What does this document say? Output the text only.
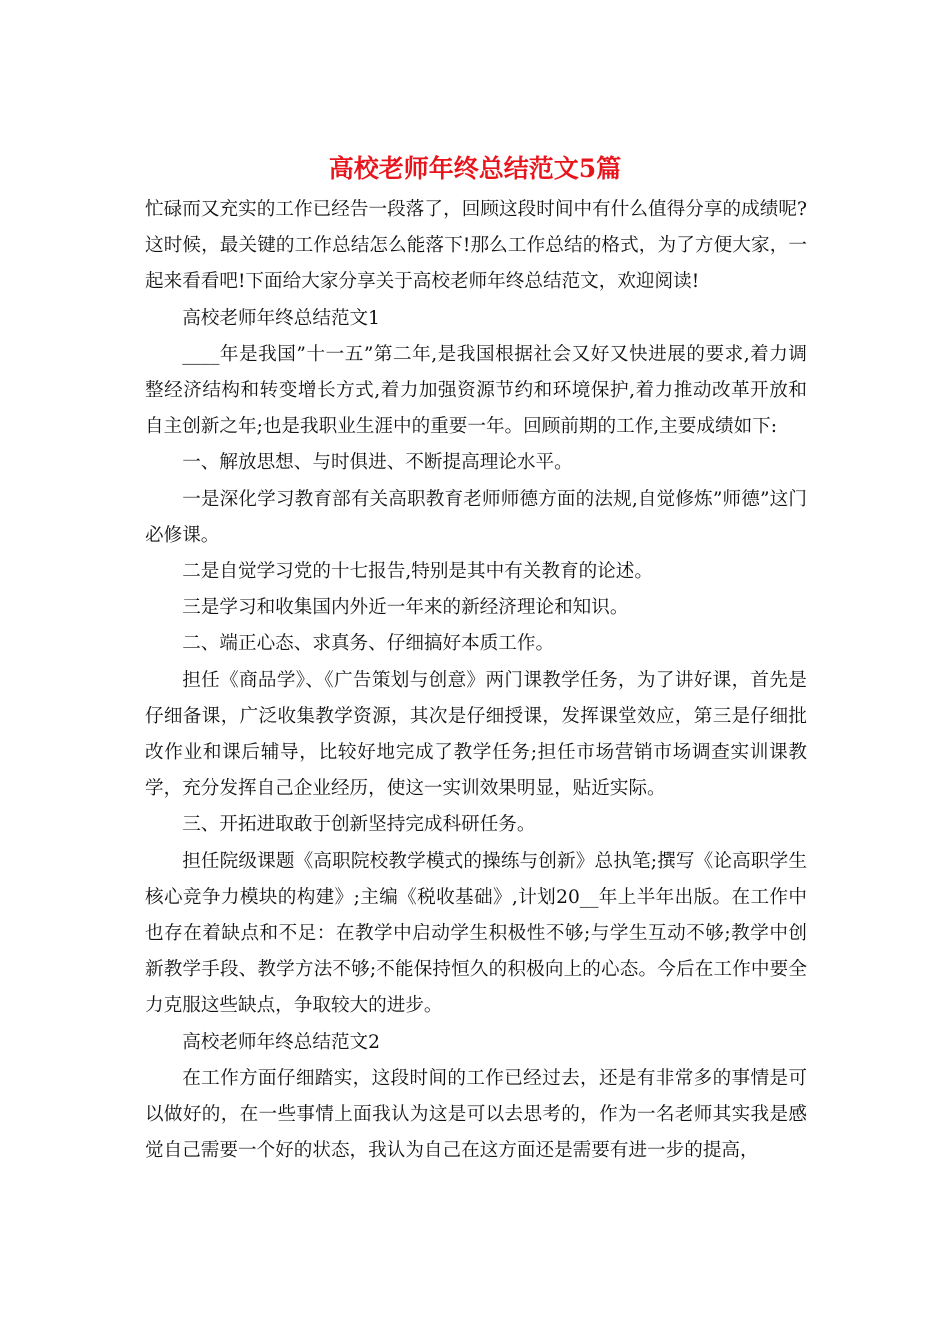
高校老师年终总结范文5篇

忙碌而又充实的工作已经告一段落了，回顾这段时间中有什么值得分享的成绩呢?这时候，最关键的工作总结怎么能落下!那么工作总结的格式，为了方便大家，一起来看看吧!下面给大家分享关于高校老师年终总结范文，欢迎阅读!

高校老师年终总结范文1

____年是我国”十一五”第二年,是我国根据社会又好又快进展的要求,着力调整经济结构和转变增长方式,着力加强资源节约和环境保护,着力推动改革开放和自主创新之年;也是我职业生涯中的重要一年。回顾前期的工作,主要成绩如下:

一、解放思想、与时俱进、不断提高理论水平。

一是深化学习教育部有关高职教育老师师德方面的法规,自觉修炼”师德”这门必修课。

二是自觉学习党的十七报告,特别是其中有关教育的论述。

三是学习和收集国内外近一年来的新经济理论和知识。

二、端正心态、求真务、仔细搞好本质工作。

担任《商品学》、《广告策划与创意》两门课教学任务，为了讲好课，首先是仔细备课，广泛收集教学资源，其次是仔细授课，发挥课堂效应，第三是仔细批改作业和课后辅导，比较好地完成了教学任务;担任市场营销市场调查实训课教学，充分发挥自己企业经历，使这一实训效果明显，贴近实际。

三、开拓进取敢于创新坚持完成科研任务。

担任院级课题《高职院校教学模式的操练与创新》总执笔;撰写《论高职学生核心竞争力模块的构建》;主编《税收基础》,计划20__年上半年出版。在工作中也存在着缺点和不足：在教学中启动学生积极性不够;与学生互动不够;教学中创新教学手段、教学方法不够;不能保持恒久的积极向上的心态。今后在工作中要全力克服这些缺点，争取较大的进步。

高校老师年终总结范文2

在工作方面仔细踏实，这段时间的工作已经过去，还是有非常多的事情是可以做好的，在一些事情上面我认为这是可以去思考的，作为一名老师其实我是感觉自己需要一个好的状态，我认为自己在这方面还是需要有进一步的提高，
